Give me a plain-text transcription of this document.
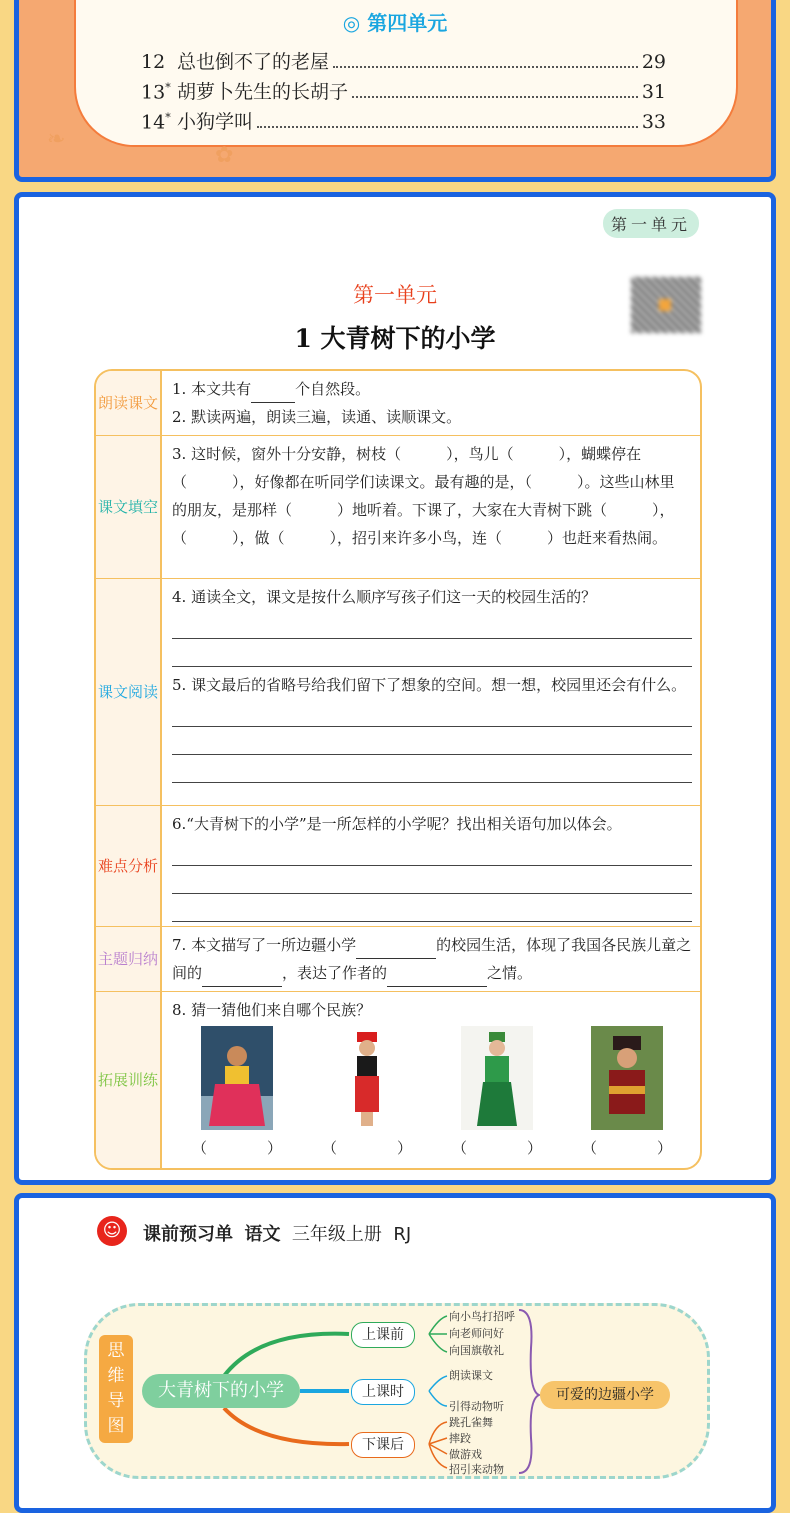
◎ 第四单元
12 总也倒不了的老屋	29
13* 胡萝卜先生的长胡子	31
14* 小狗学叫	33
❧
✿
第一单元
第一单元
1 大青树下的小学
朗读课文	1. 本文共有 个自然段。
2. 默读两遍，朗读三遍，读通、读顺课文。

课文填空	3. 这时候，窗外十分安静，树枝（　　　），鸟儿（　　　），蝴蝶停在（　　　），好像都在听同学们读课文。最有趣的是，（　　　）。这些山林里的朋友，是那样（　　　）地听着。下课了，大家在大青树下跳（　　　），（　　　），做（　　　），招引来许多小鸟，连（　　　）也赶来看热闹。

课文阅读	4. 通读全文，课文是按什么顺序写孩子们这一天的校园生活的？
5. 课文最后的省略号给我们留下了想象的空间。想一想，校园里还会有什么。

难点分析	6.“大青树下的小学”是一所怎样的小学呢？找出相关语句加以体会。

主题归纳	7. 本文描写了一所边疆小学 的校园生活，体现了我国各民族儿童之间的 ，表达了作者的 之情。

拓展训练	8. 猜一猜他们来自哪个民族？
（　　　　） （　　　　） （　　　　） （　　　　）
☺	课前预习单 语文 三年级上册 RJ
思维导图
大青树下的小学
上课前
上课时
下课后
向小鸟打招呼
向老师问好
向国旗敬礼
朗读课文
引得动物听
跳孔雀舞
摔跤
做游戏
招引来动物
可爱的边疆小学
